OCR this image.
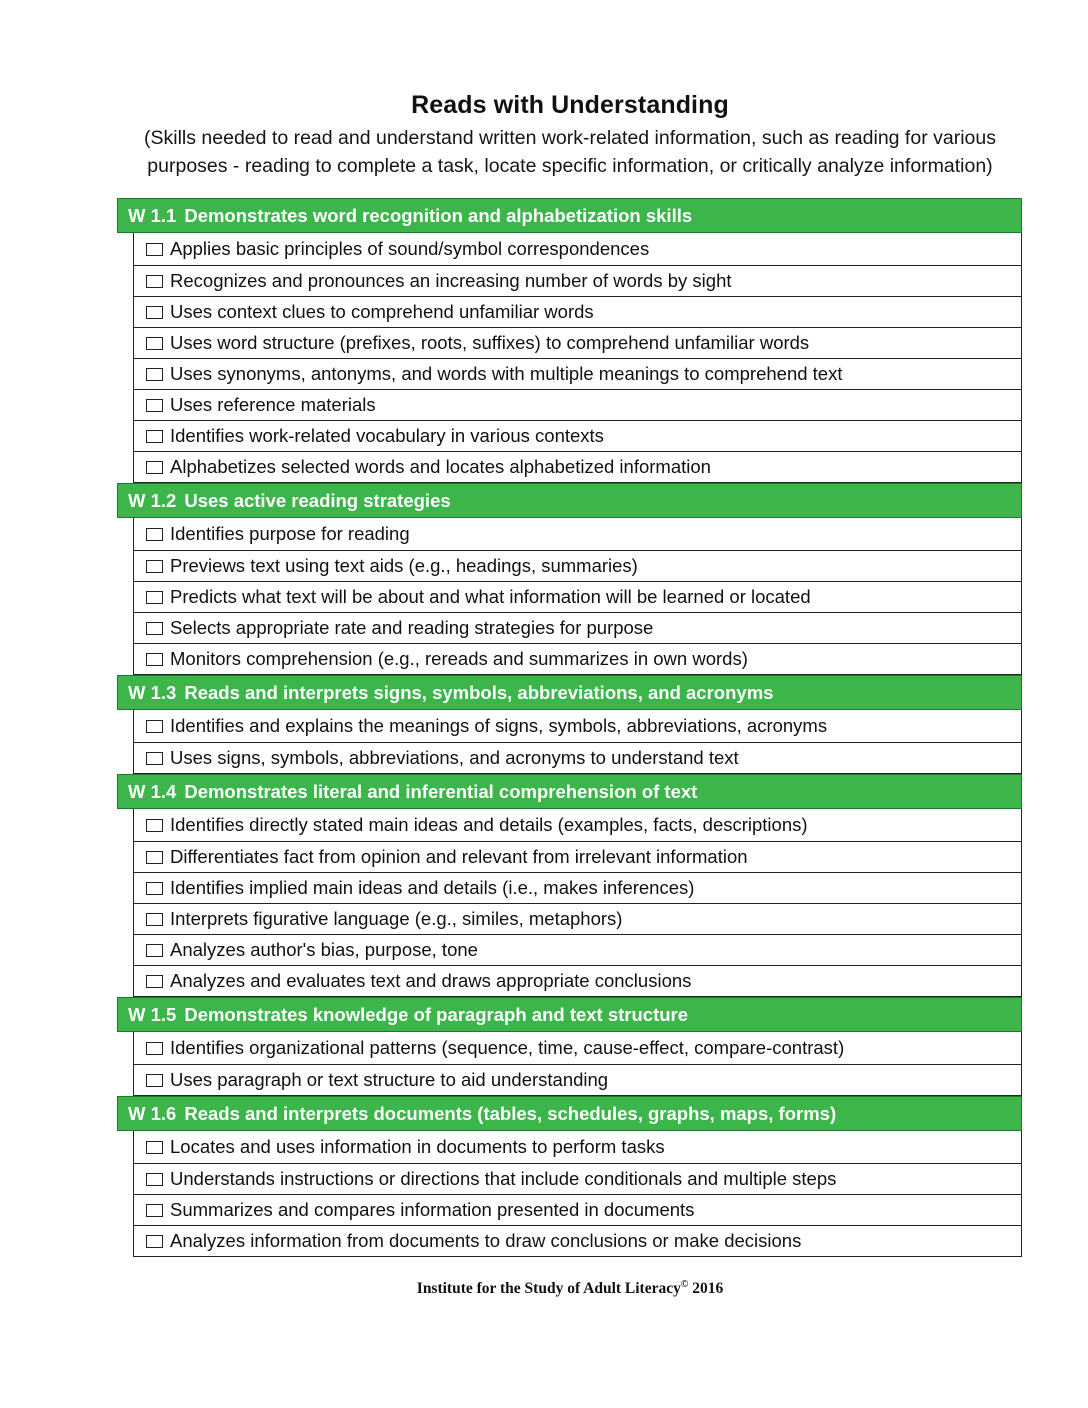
Reads with Understanding
(Skills needed to read and understand written work-related information, such as reading for various
purposes - reading to complete a task, locate specific information, or critically analyze information)
W 1.1 Demonstrates word recognition and alphabetization skills
Applies basic principles of sound/symbol correspondences
Recognizes and pronounces an increasing number of words by sight
Uses context clues to comprehend unfamiliar words
Uses word structure (prefixes, roots, suffixes) to comprehend unfamiliar words
Uses synonyms, antonyms, and words with multiple meanings to comprehend text
Uses reference materials
Identifies work-related vocabulary in various contexts
Alphabetizes selected words and locates alphabetized information
W 1.2 Uses active reading strategies
Identifies purpose for reading
Previews text using text aids (e.g., headings, summaries)
Predicts what text will be about and what information will be learned or located
Selects appropriate rate and reading strategies for purpose
Monitors comprehension (e.g., rereads and summarizes in own words)
W 1.3 Reads and interprets signs, symbols, abbreviations, and acronyms
Identifies and explains the meanings of signs, symbols, abbreviations, acronyms
Uses signs, symbols, abbreviations, and acronyms to understand text
W 1.4 Demonstrates literal and inferential comprehension of text
Identifies directly stated main ideas and details (examples, facts, descriptions)
Differentiates fact from opinion and relevant from irrelevant information
Identifies implied main ideas and details (i.e., makes inferences)
Interprets figurative language (e.g., similes, metaphors)
Analyzes author's bias, purpose, tone
Analyzes and evaluates text and draws appropriate conclusions
W 1.5 Demonstrates knowledge of paragraph and text structure
Identifies organizational patterns (sequence, time, cause-effect, compare-contrast)
Uses paragraph or text structure to aid understanding
W 1.6 Reads and interprets documents (tables, schedules, graphs, maps, forms)
Locates and uses information in documents to perform tasks
Understands instructions or directions that include conditionals and multiple steps
Summarizes and compares information presented in documents
Analyzes information from documents to draw conclusions or make decisions
Institute for the Study of Adult Literacy© 2016
